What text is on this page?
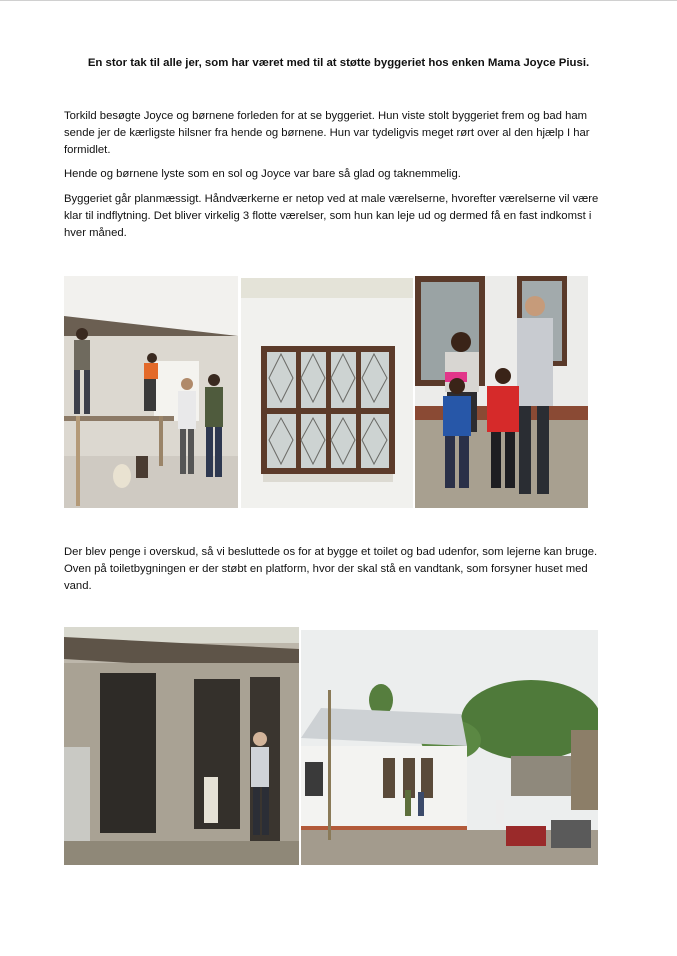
En stor tak til alle jer, som har været med til at støtte byggeriet hos enken Mama Joyce Piusi.

Torkild besøgte Joyce og børnene forleden for at se byggeriet. Hun viste stolt byggeriet frem og bad ham sende jer de kærligste hilsner fra hende og børnene. Hun var tydeligvis meget rørt over al den hjælp I har formidlet.

Hende og børnene lyste som en sol og Joyce var bare så glad og taknemmelig.

Byggeriet går planmæssigt. Håndværkerne er netop ved at male værelserne, hvorefter værelserne vil være klar til indflytning. Det bliver virkelig 3 flotte værelser, som hun kan leje ud og dermed få en fast indkomst i hver måned.

Der blev penge i overskud, så vi besluttede os for at bygge et toilet og bad udenfor, som lejerne kan bruge. Oven på toiletbygningen er der støbt en platform, hvor der skal stå en vandtank, som forsyner huset med vand.
